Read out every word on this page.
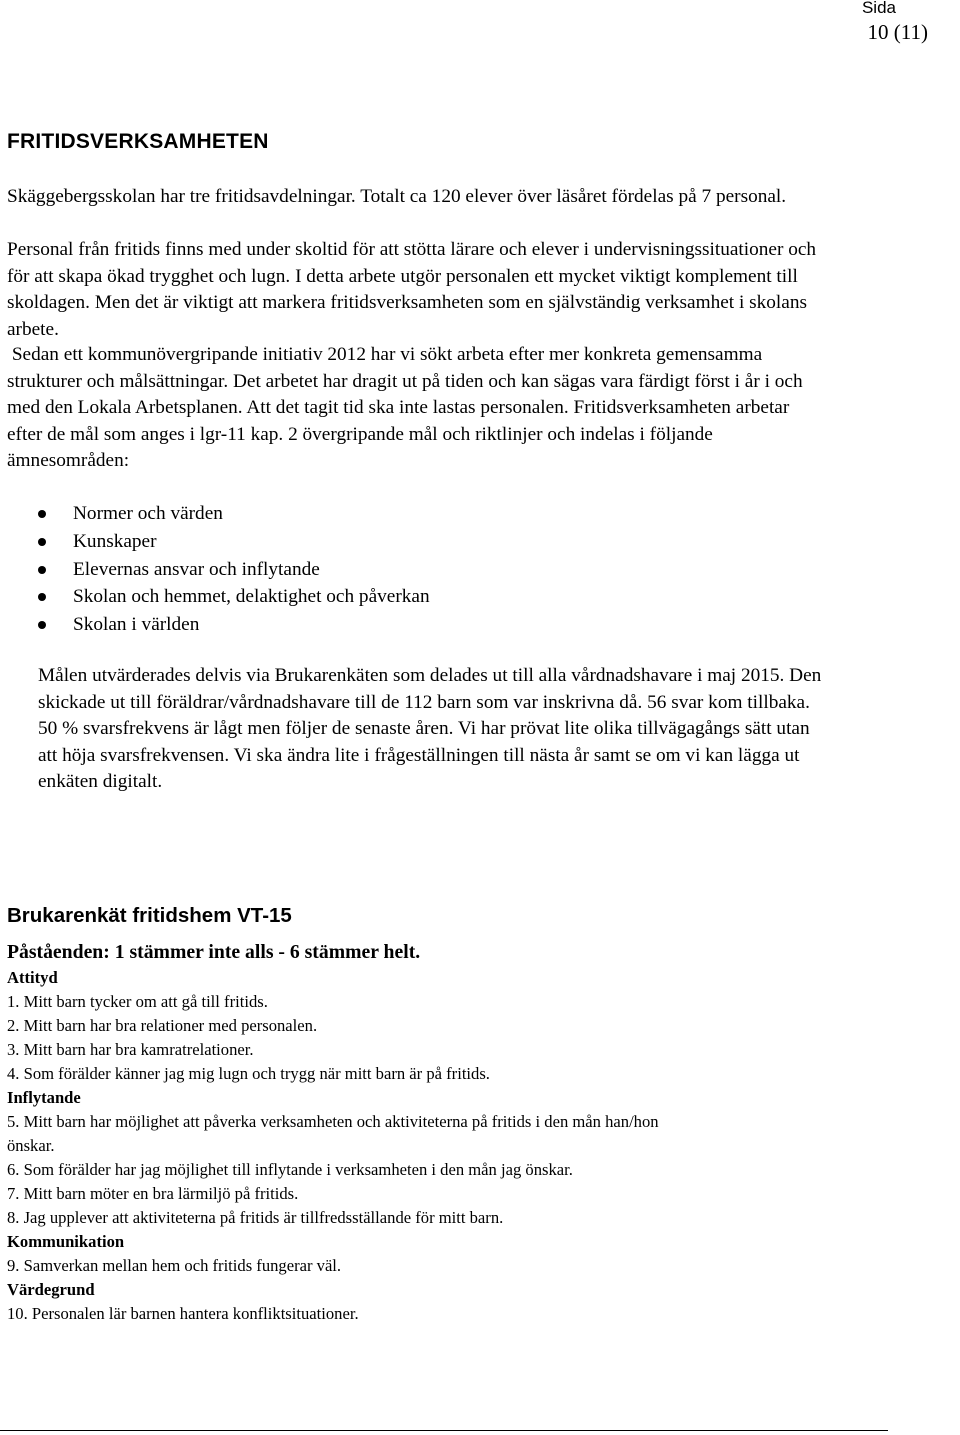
Sida
10 (11)
FRITIDSVERKSAMHETEN
Skäggebergsskolan har tre fritidsavdelningar. Totalt ca 120 elever över läsåret fördelas på 7 personal.
Personal från fritids finns med under skoltid för att stötta lärare och elever i undervisningssituationer och
för att skapa ökad trygghet och lugn. I detta arbete utgör personalen ett mycket viktigt komplement till
skoldagen. Men det är viktigt att markera fritidsverksamheten som en självständig verksamhet i skolans
arbete.
Sedan ett kommunövergripande initiativ 2012 har vi sökt arbeta efter mer konkreta gemensamma
strukturer och målsättningar. Det arbetet har dragit ut på tiden och kan sägas vara färdigt först i år i och
med den Lokala Arbetsplanen. Att det tagit tid ska inte lastas personalen. Fritidsverksamheten arbetar
efter de mål som anges i lgr-11 kap. 2 övergripande mål och riktlinjer och indelas i följande
ämnesområden:
Normer och värden
Kunskaper
Elevernas ansvar och inflytande
Skolan och hemmet, delaktighet och påverkan
Skolan i världen
Målen utvärderades delvis via Brukarenkäten som delades ut till alla vårdnadshavare i maj 2015. Den
skickade ut till föräldrar/vårdnadshavare till de 112 barn som var inskrivna då. 56 svar kom tillbaka.
50 % svarsfrekvens är lågt men följer de senaste åren. Vi har prövat lite olika tillvägagångs sätt utan
att höja svarsfrekvensen. Vi ska ändra lite i frågeställningen till nästa år samt se om vi kan lägga ut
enkäten digitalt.
Brukarenkät fritidshem VT-15
Påståenden: 1 stämmer inte alls - 6 stämmer helt.
Attityd
1. Mitt barn tycker om att gå till fritids.
2. Mitt barn har bra relationer med personalen.
3. Mitt barn har bra kamratrelationer.
4. Som förälder känner jag mig lugn och trygg när mitt barn är på fritids.
Inflytande
5. Mitt barn har möjlighet att påverka verksamheten och aktiviteterna på fritids i den mån han/hon
önskar.
6. Som förälder har jag möjlighet till inflytande i verksamheten i den mån jag önskar.
7. Mitt barn möter en bra lärmiljö på fritids.
8. Jag upplever att aktiviteterna på fritids är tillfredsställande för mitt barn.
Kommunikation
9. Samverkan mellan hem och fritids fungerar väl.
Värdegrund
10. Personalen lär barnen hantera konfliktsituationer.
